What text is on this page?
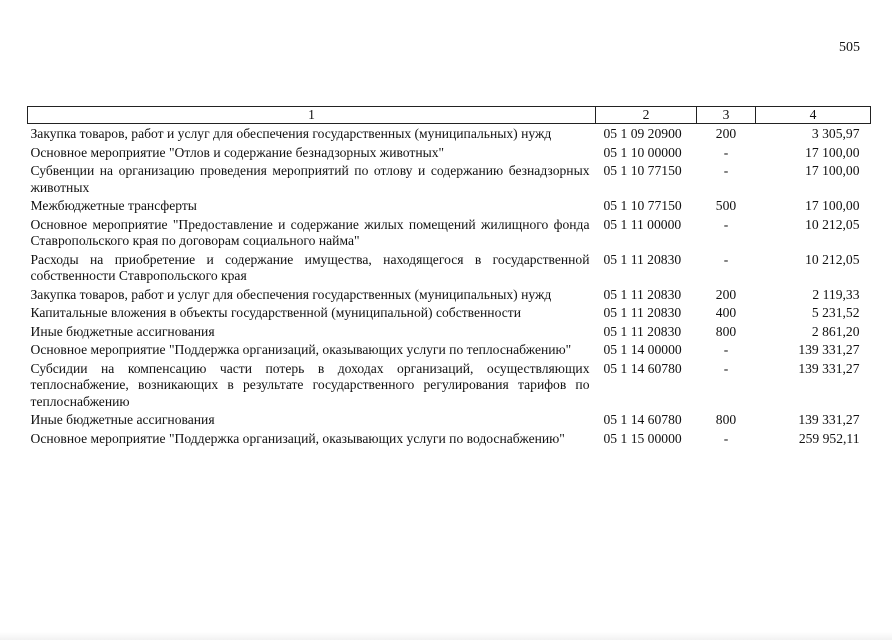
505
1	2	3	4
Закупка товаров, работ и услуг для обеспечения государственных (муниципальных) нужд	05 1 09 20900	200	3 305,97
Основное мероприятие "Отлов и содержание безнадзорных животных"	05 1 10 00000	-	17 100,00
Субвенции на организацию проведения мероприятий по отлову и содержанию безнадзорных животных	05 1 10 77150	-	17 100,00
Межбюджетные трансферты	05 1 10 77150	500	17 100,00
Основное мероприятие "Предоставление и содержание жилых помещений жилищного фонда Ставропольского края по договорам социального найма"	05 1 11 00000	-	10 212,05
Расходы на приобретение и содержание имущества, находящегося в государственной собственности Ставропольского края	05 1 11 20830	-	10 212,05
Закупка товаров, работ и услуг для обеспечения государственных (муниципальных) нужд	05 1 11 20830	200	2 119,33
Капитальные вложения в объекты государственной (муниципальной) собственности	05 1 11 20830	400	5 231,52
Иные бюджетные ассигнования	05 1 11 20830	800	2 861,20
Основное мероприятие "Поддержка организаций, оказывающих услуги по теплоснабжению"	05 1 14 00000	-	139 331,27
Субсидии на компенсацию части потерь в доходах организаций, осуществляющих теплоснабжение, возникающих в результате государственного регулирования тарифов по теплоснабжению	05 1 14 60780	-	139 331,27
Иные бюджетные ассигнования	05 1 14 60780	800	139 331,27
Основное мероприятие "Поддержка организаций, оказывающих услуги по водоснабжению"	05 1 15 00000	-	259 952,11
